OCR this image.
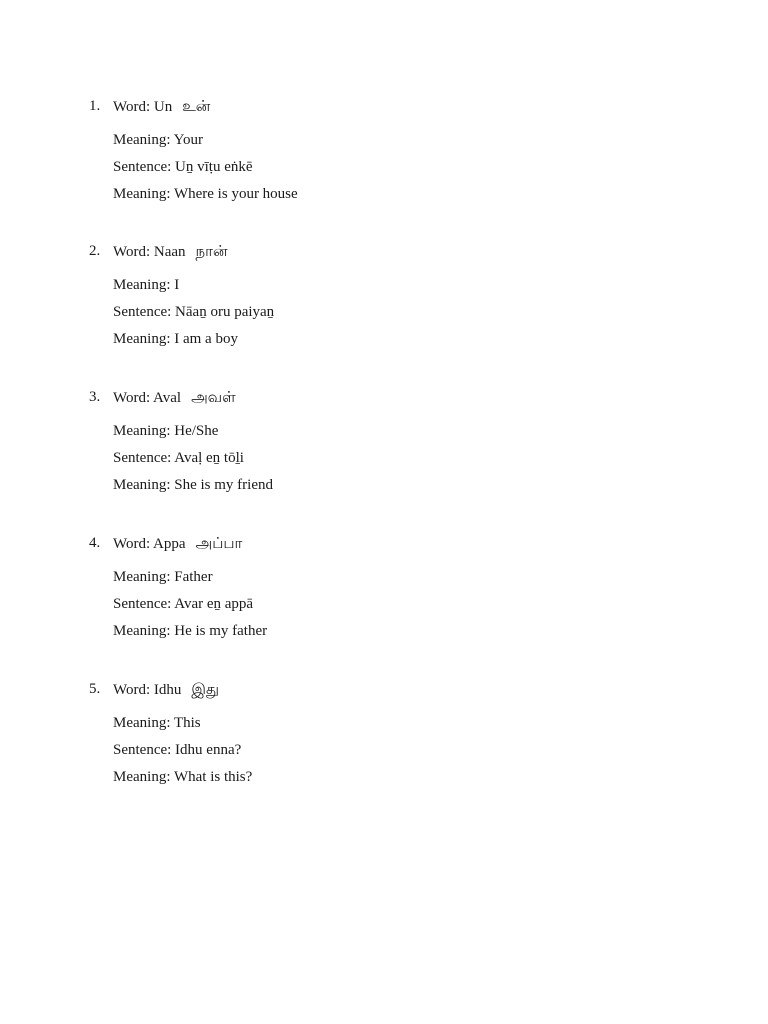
1. Word: Un உன்
Meaning: Your
Sentence: Uṉ vīṭu eṅkē
Meaning: Where is your house
2. Word: Naan நான்
Meaning: I
Sentence: Nāaṉ oru paiyaṉ
Meaning: I am a boy
3. Word: Aval அவள்
Meaning: He/She
Sentence: Avaḷ eṉ tōḻi
Meaning: She is my friend
4. Word: Appa அப்பா
Meaning: Father
Sentence: Avar eṉ appā
Meaning: He is my father
5. Word: Idhu இது
Meaning: This
Sentence: Idhu enna?
Meaning: What is this?
